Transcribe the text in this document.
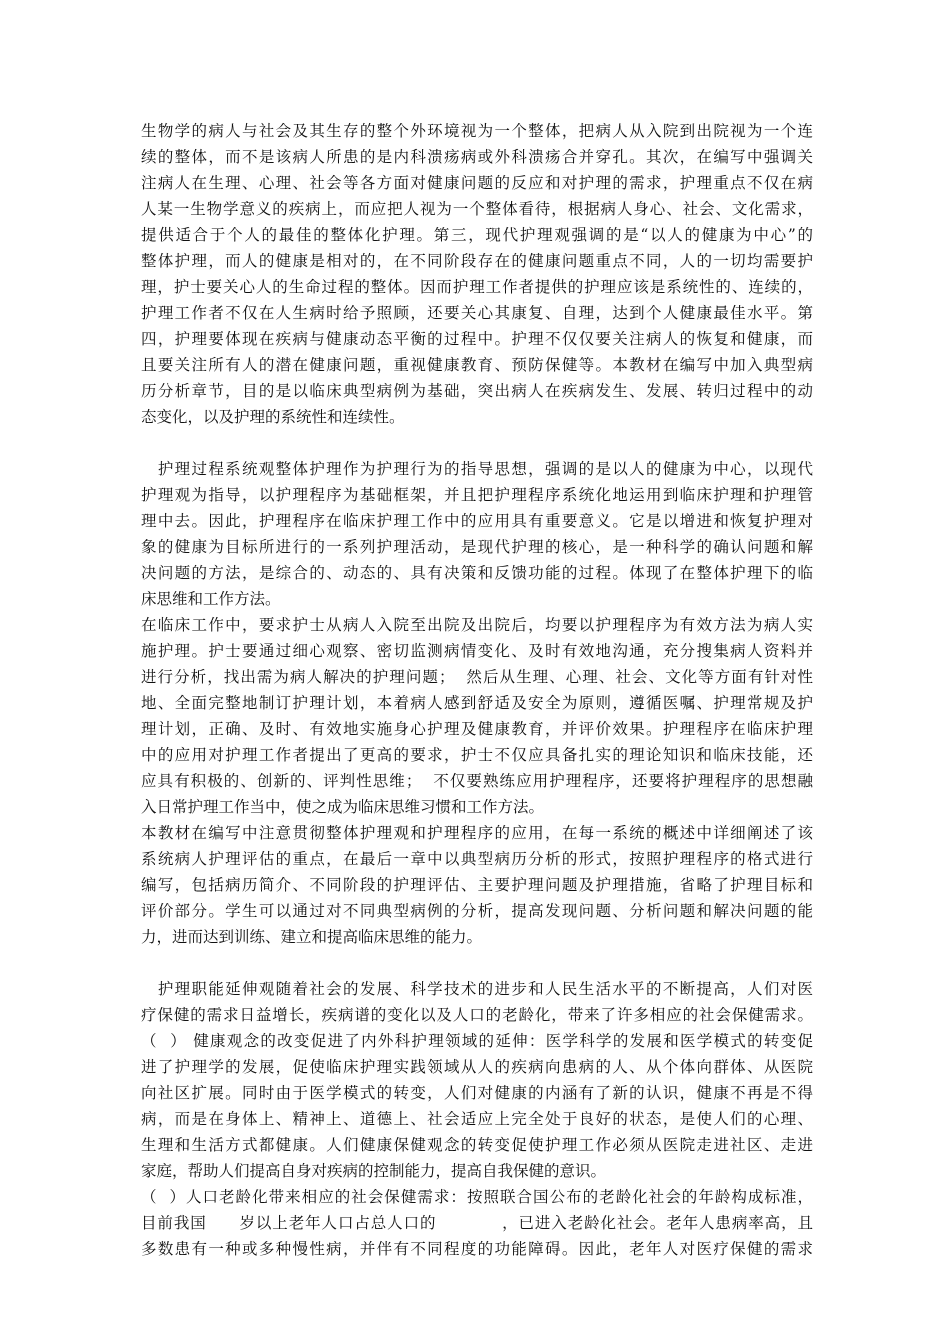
生物学的病人与社会及其生存的整个外环境视为一个整体，把病人从入院到出院视为一个连
续的整体，而不是该病人所患的是内科溃疡病或外科溃疡合并穿孔。其次，在编写中强调关
注病人在生理、心理、社会等各方面对健康问题的反应和对护理的需求，护理重点不仅在病
人某一生物学意义的疾病上，而应把人视为一个整体看待，根据病人身心、社会、文化需求，
提供适合于个人的最佳的整体化护理。第三，现代护理观强调的是“以人的健康为中心”的
整体护理，而人的健康是相对的，在不同阶段存在的健康问题重点不同，人的一切均需要护
理，护士要关心人的生命过程的整体。因而护理工作者提供的护理应该是系统性的、连续的，
护理工作者不仅在人生病时给予照顾，还要关心其康复、自理，达到个人健康最佳水平。第
四，护理要体现在疾病与健康动态平衡的过程中。护理不仅仅要关注病人的恢复和健康，而
且要关注所有人的潜在健康问题，重视健康教育、预防保健等。本教材在编写中加入典型病
历分析章节，目的是以临床典型病例为基础，突出病人在疾病发生、发展、转归过程中的动
态变化，以及护理的系统性和连续性。
　护理过程系统观整体护理作为护理行为的指导思想，强调的是以人的健康为中心，以现代
护理观为指导，以护理程序为基础框架，并且把护理程序系统化地运用到临床护理和护理管
理中去。因此，护理程序在临床护理工作中的应用具有重要意义。它是以增进和恢复护理对
象的健康为目标所进行的一系列护理活动，是现代护理的核心，是一种科学的确认问题和解
决问题的方法，是综合的、动态的、具有决策和反馈功能的过程。体现了在整体护理下的临
床思维和工作方法。
在临床工作中，要求护士从病人入院至出院及出院后，均要以护理程序为有效方法为病人实
施护理。护士要通过细心观察、密切监测病情变化、及时有效地沟通，充分搜集病人资料并
进行分析，找出需为病人解决的护理问题；  然后从生理、心理、社会、文化等方面有针对性
地、全面完整地制订护理计划，本着病人感到舒适及安全为原则，遵循医嘱、护理常规及护
理计划，正确、及时、有效地实施身心护理及健康教育，并评价效果。护理程序在临床护理
中的应用对护理工作者提出了更高的要求，护士不仅应具备扎实的理论知识和临床技能，还
应具有积极的、创新的、评判性思维；  不仅要熟练应用护理程序，还要将护理程序的思想融
入日常护理工作当中，使之成为临床思维习惯和工作方法。
本教材在编写中注意贯彻整体护理观和护理程序的应用，在每一系统的概述中详细阐述了该
系统病人护理评估的重点，在最后一章中以典型病历分析的形式，按照护理程序的格式进行
编写，包括病历简介、不同阶段的护理评估、主要护理问题及护理措施，省略了护理目标和
评价部分。学生可以通过对不同典型病例的分析，提高发现问题、分析问题和解决问题的能
力，进而达到训练、建立和提高临床思维的能力。
　护理职能延伸观随着社会的发展、科学技术的进步和人民生活水平的不断提高，人们对医
疗保健的需求日益增长，疾病谱的变化以及人口的老龄化，带来了许多相应的社会保健需求。
（  ） 健康观念的改变促进了内外科护理领域的延伸：医学科学的发展和医学模式的转变促
进了护理学的发展，促使临床护理实践领域从人的疾病向患病的人、从个体向群体、从医院
向社区扩展。同时由于医学模式的转变，人们对健康的内涵有了新的认识，健康不再是不得
病，而是在身体上、精神上、道德上、社会适应上完全处于良好的状态，是使人们的心理、
生理和生活方式都健康。人们健康保健观念的转变促使护理工作必须从医院走进社区、走进
家庭，帮助人们提高自身对疾病的控制能力，提高自我保健的意识。
（  ）人口老龄化带来相应的社会保健需求：按照联合国公布的老龄化社会的年龄构成标准，
目前我国　　岁以上老年人口占总人口的　　　　，已进入老龄化社会。老年人患病率高，且
多数患有一种或多种慢性病，并伴有不同程度的功能障碍。因此，老年人对医疗保健的需求
